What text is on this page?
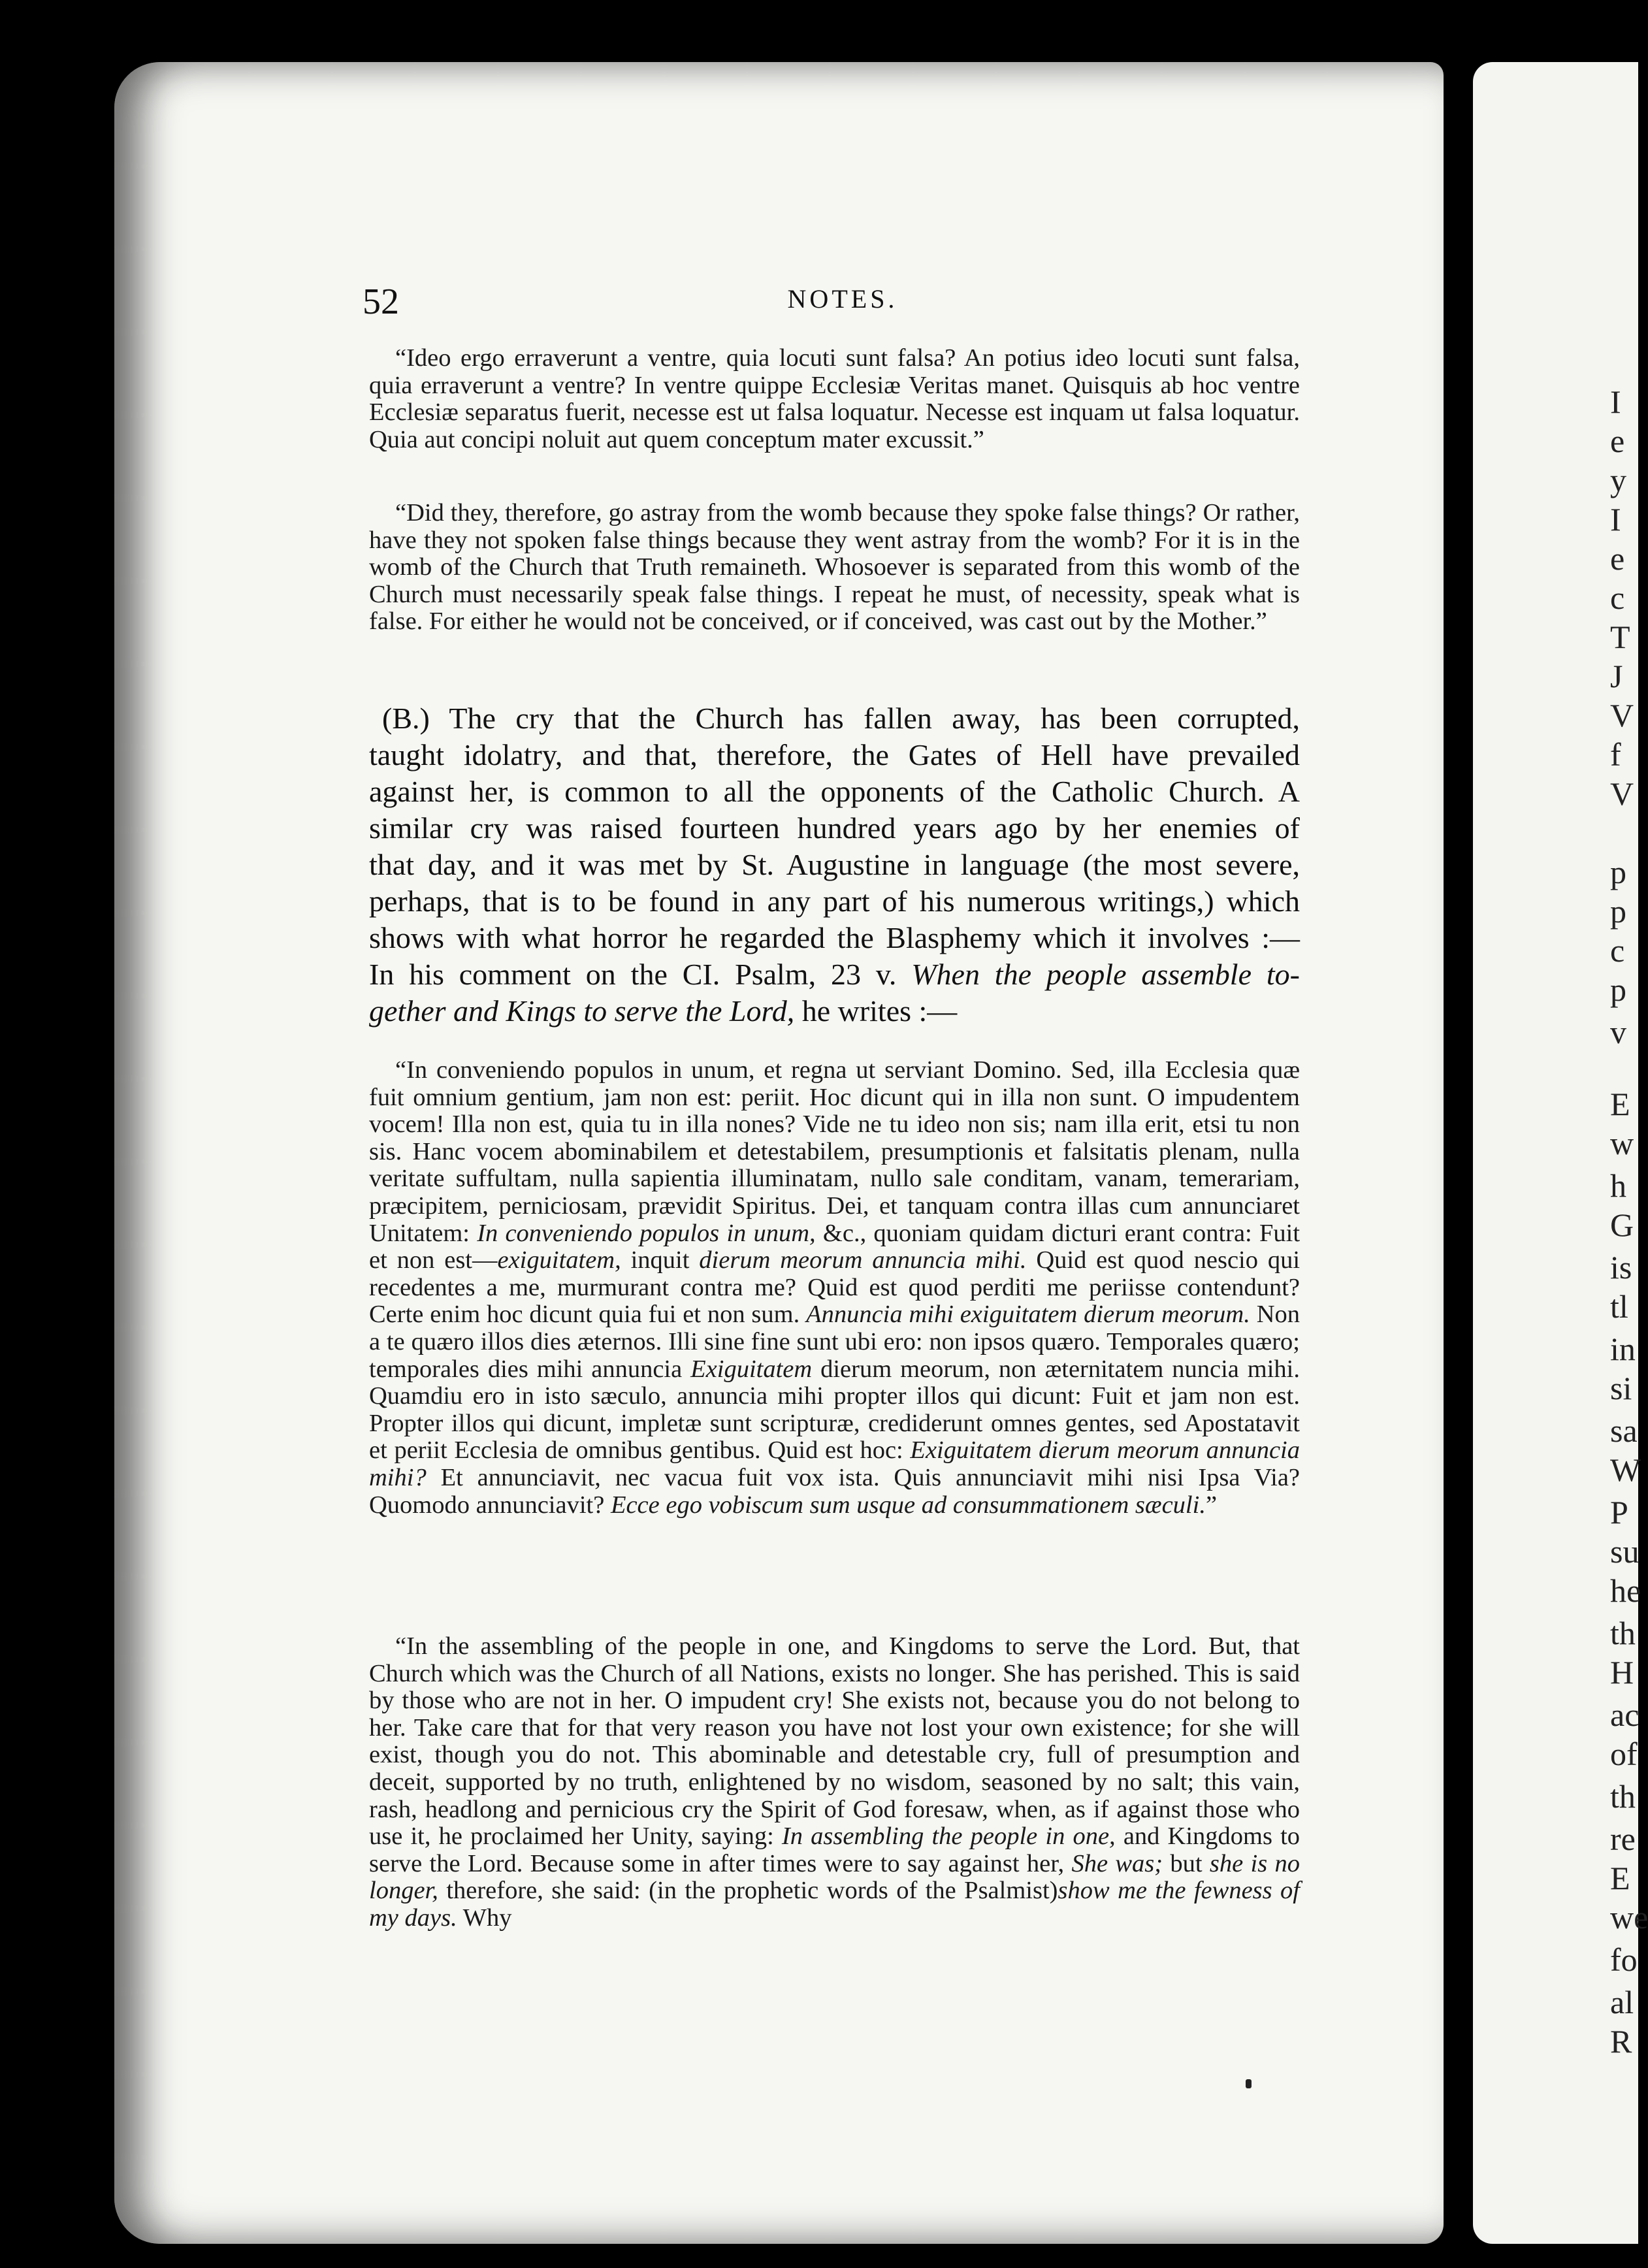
I
e
y
I
e
c
T
J
V
f
V
p
p
c
p
v
E
w
h
G
is
tl
in
si
sa
W
P
su
he
th
H
ac
of
th
re
E
we
fo
al
R
52	NOTES.

“Ideo ergo erraverunt a ventre, quia locuti sunt falsa? An potius ideo locuti sunt falsa, quia erraverunt a ventre? In ventre quippe Ecclesiæ Veritas manet. Quisquis ab hoc ventre Ecclesiæ separatus fuerit, necesse est ut falsa loquatur. Necesse est inquam ut falsa loquatur. Quia aut concipi noluit aut quem conceptum mater excussit.”

“Did they, therefore, go astray from the womb because they spoke false things? Or rather, have they not spoken false things because they went astray from the womb? For it is in the womb of the Church that Truth remaineth. Whosoever is separated from this womb of the Church must necessarily speak false things. I repeat he must, of necessity, speak what is false. For either he would not be conceived, or if conceived, was cast out by the Mother.”

(B.) The cry that the Church has fallen away, has been corrupted,
taught idolatry, and that, therefore, the Gates of Hell have prevailed
against her, is common to all the opponents of the Catholic Church. A
similar cry was raised fourteen hundred years ago by her enemies of
that day, and it was met by St. Augustine in language (the most severe,
perhaps, that is to be found in any part of his numerous writings,) which
shows with what horror he regarded the Blasphemy which it involves :—
In his comment on the CI. Psalm, 23 v. When the people assemble to-
gether and Kings to serve the Lord, he writes :—

“In conveniendo populos in unum, et regna ut serviant Domino. Sed, illa Ecclesia quæ fuit omnium gentium, jam non est: periit. Hoc dicunt qui in illa non sunt. O impudentem vocem! Illa non est, quia tu in illa nones? Vide ne tu ideo non sis; nam illa erit, etsi tu non sis. Hanc vocem abominabilem et detestabilem, presumptionis et falsitatis plenam, nulla veritate suffultam, nulla sapientia illuminatam, nullo sale conditam, vanam, temerariam, præcipitem, perniciosam, prævidit Spiritus. Dei, et tanquam contra illas cum annunciaret Unitatem: In conveniendo populos in unum, &c., quoniam quidam dicturi erant contra: Fuit et non est—exiguitatem, inquit dierum meorum annuncia mihi. Quid est quod nescio qui recedentes a me, murmurant contra me? Quid est quod perditi me periisse contendunt? Certe enim hoc dicunt quia fui et non sum. Annuncia mihi exiguitatem dierum meorum. Non a te quæro illos dies æternos. Illi sine fine sunt ubi ero: non ipsos quæro. Temporales quæro; temporales dies mihi annuncia Exiguitatem dierum meorum, non æternitatem nuncia mihi. Quamdiu ero in isto sæculo, annuncia mihi propter illos qui dicunt: Fuit et jam non est. Propter illos qui dicunt, impletæ sunt scripturæ, crediderunt omnes gentes, sed Apostatavit et periit Ecclesia de omnibus gentibus. Quid est hoc: Exiguitatem dierum meorum annuncia mihi? Et annunciavit, nec vacua fuit vox ista. Quis annunciavit mihi nisi Ipsa Via? Quomodo annunciavit? Ecce ego vobiscum sum usque ad consummationem sæculi.”

“In the assembling of the people in one, and Kingdoms to serve the Lord. But, that Church which was the Church of all Nations, exists no longer. She has perished. This is said by those who are not in her. O impudent cry! She exists not, because you do not belong to her. Take care that for that very reason you have not lost your own existence; for she will exist, though you do not. This abominable and detestable cry, full of presumption and deceit, supported by no truth, enlightened by no wisdom, seasoned by no salt; this vain, rash, headlong and pernicious cry the Spirit of God foresaw, when, as if against those who use it, he proclaimed her Unity, saying: In assembling the people in one, and Kingdoms to serve the Lord. Because some in after times were to say against her, She was; but she is no longer, therefore, she said: (in the prophetic words of the Psalmist)show me the fewness of my days. Why
